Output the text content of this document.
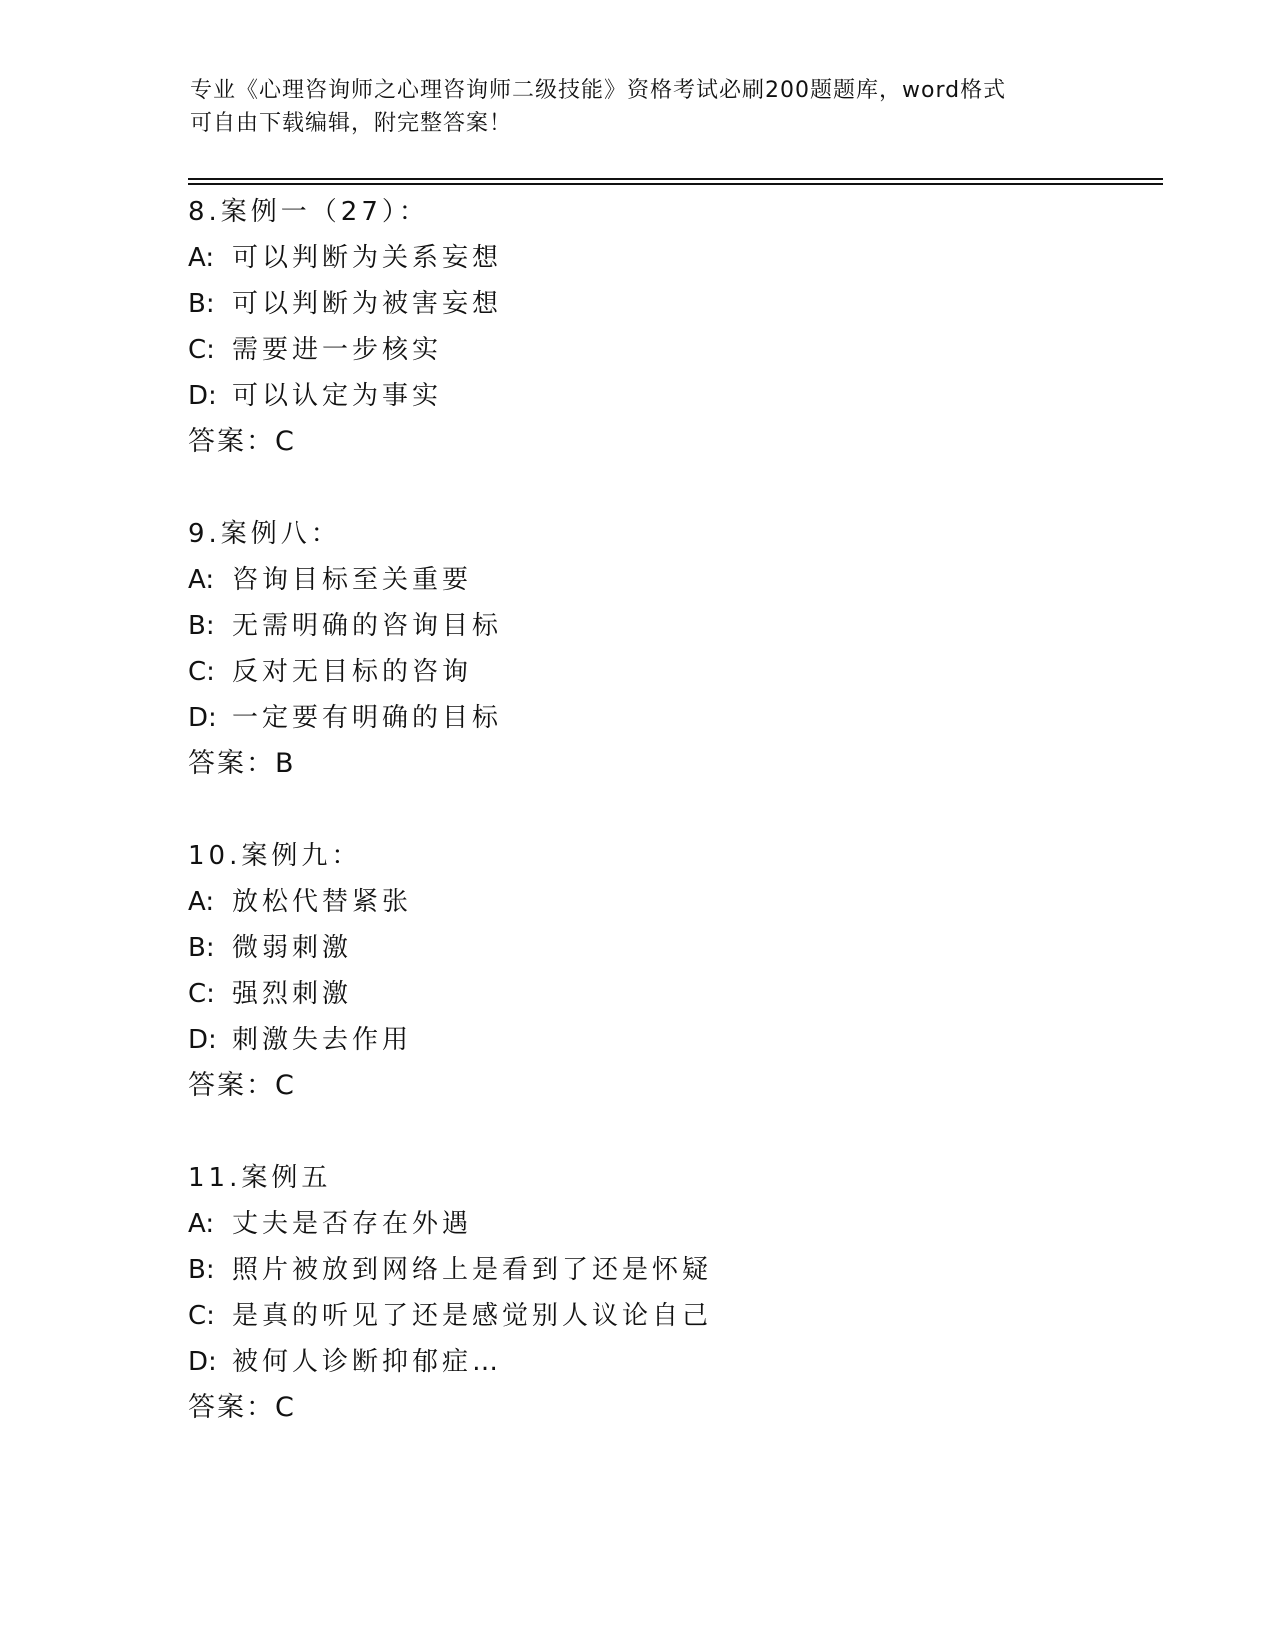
专业《心理咨询师之心理咨询师二级技能》资格考试必刷200题题库，word格式
可自由下载编辑，附完整答案！
8.案例一（27）：
A: 可以判断为关系妄想
B: 可以判断为被害妄想
C: 需要进一步核实
D: 可以认定为事实
答案：C
9.案例八：
A: 咨询目标至关重要
B: 无需明确的咨询目标
C: 反对无目标的咨询
D: 一定要有明确的目标
答案：B
10.案例九：
A: 放松代替紧张
B: 微弱刺激
C: 强烈刺激
D: 刺激失去作用
答案：C
11.案例五
A: 丈夫是否存在外遇
B: 照片被放到网络上是看到了还是怀疑
C: 是真的听见了还是感觉别人议论自己
D: 被何人诊断抑郁症…
答案：C
